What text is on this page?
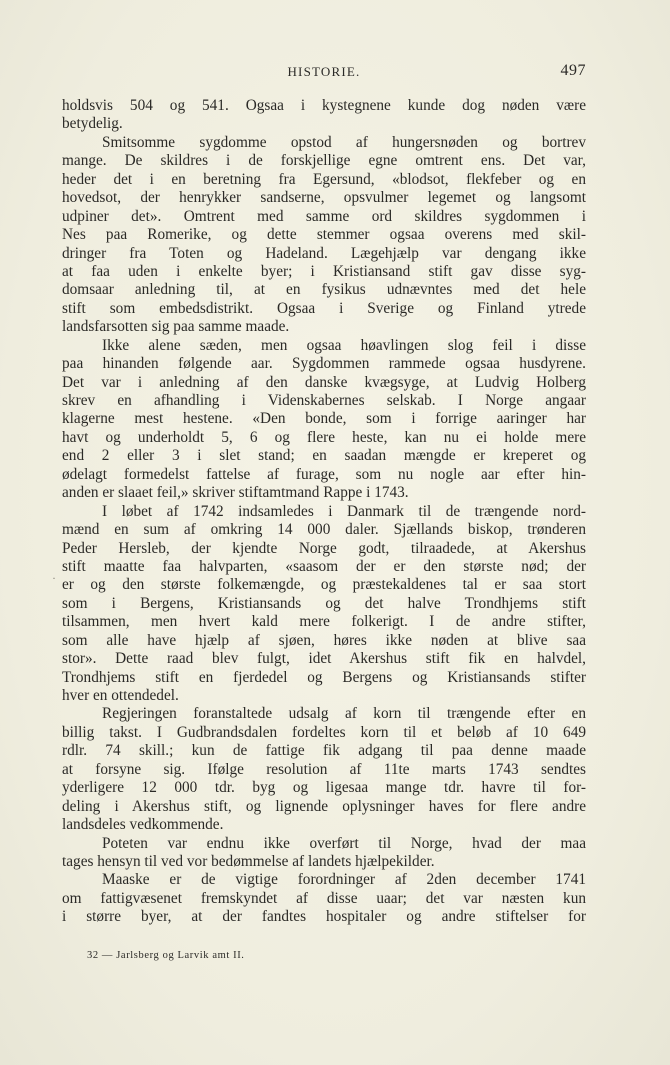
HISTORIE.	497
·
holdsvis 504 og 541. Ogsaa i kystegnene kunde dog nøden være
betydelig.
Smitsomme sygdomme opstod af hungersnøden og bortrev
mange. De skildres i de forskjellige egne omtrent ens. Det var,
heder det i en beretning fra Egersund, «blodsot, flekfeber og en
hovedsot, der henrykker sandserne, opsvulmer legemet og langsomt
udpiner det». Omtrent med samme ord skildres sygdommen i
Nes paa Romerike, og dette stemmer ogsaa overens med skil-
dringer fra Toten og Hadeland. Lægehjælp var dengang ikke
at faa uden i enkelte byer; i Kristiansand stift gav disse syg-
domsaar anledning til, at en fysikus udnævntes med det hele
stift som embedsdistrikt. Ogsaa i Sverige og Finland ytrede
landsfarsotten sig paa samme maade.
Ikke alene sæden, men ogsaa høavlingen slog feil i disse
paa hinanden følgende aar. Sygdommen rammede ogsaa husdyrene.
Det var i anledning af den danske kvægsyge, at Ludvig Holberg
skrev en afhandling i Videnskabernes selskab. I Norge angaar
klagerne mest hestene. «Den bonde, som i forrige aaringer har
havt og underholdt 5, 6 og flere heste, kan nu ei holde mere
end 2 eller 3 i slet stand; en saadan mængde er kreperet og
ødelagt formedelst fattelse af furage, som nu nogle aar efter hin-
anden er slaaet feil,» skriver stiftamtmand Rappe i 1743.
I løbet af 1742 indsamledes i Danmark til de trængende nord-
mænd en sum af omkring 14 000 daler. Sjællands biskop, trønderen
Peder Hersleb, der kjendte Norge godt, tilraadede, at Akershus
stift maatte faa halvparten, «saasom der er den største nød; der
er og den største folkemængde, og præstekaldenes tal er saa stort
som i Bergens, Kristiansands og det halve Trondhjems stift
tilsammen, men hvert kald mere folkerigt. I de andre stifter,
som alle have hjælp af sjøen, høres ikke nøden at blive saa
stor». Dette raad blev fulgt, idet Akershus stift fik en halvdel,
Trondhjems stift en fjerdedel og Bergens og Kristiansands stifter
hver en ottendedel.
Regjeringen foranstaltede udsalg af korn til trængende efter en
billig takst. I Gudbrandsdalen fordeltes korn til et beløb af 10 649
rdlr. 74 skill.; kun de fattige fik adgang til paa denne maade
at forsyne sig. Ifølge resolution af 11te marts 1743 sendtes
yderligere 12 000 tdr. byg og ligesaa mange tdr. havre til for-
deling i Akershus stift, og lignende oplysninger haves for flere andre
landsdeles vedkommende.
Poteten var endnu ikke overført til Norge, hvad der maa
tages hensyn til ved vor bedømmelse af landets hjælpekilder.
Maaske er de vigtige forordninger af 2den december 1741
om fattigvæsenet fremskyndet af disse uaar; det var næsten kun
i større byer, at der fandtes hospitaler og andre stiftelser for
32 — Jarlsberg og Larvik amt II.
